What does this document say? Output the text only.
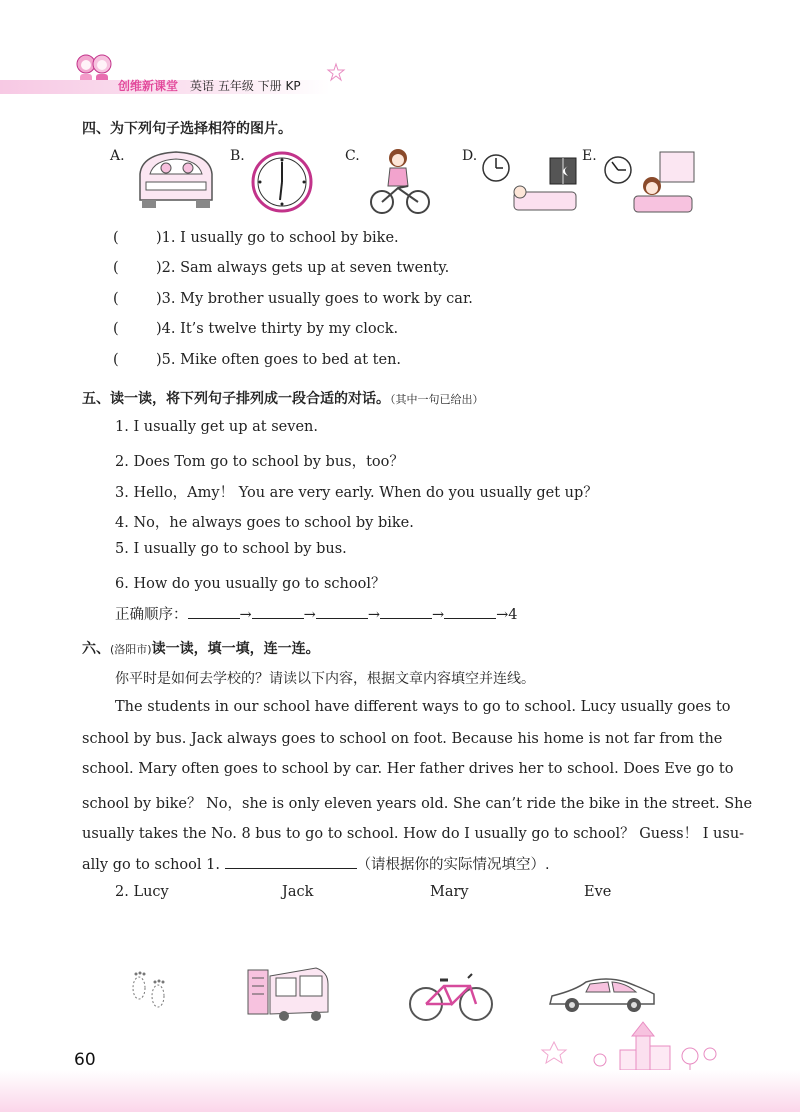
创维新课堂 英语 五年级 下册 KP
四、为下列句子选择相符的图片。
A.	B.	C.	D.	E.
(	)1. I usually go to school by bike.
(	)2. Sam always gets up at seven twenty.
(	)3. My brother usually goes to work by car.
(	)4. It’s twelve thirty by my clock.
(	)5. Mike often goes to bed at ten.
五、读一读，将下列句子排列成一段合适的对话。（其中一句已给出）
1. I usually get up at seven.
2. Does Tom go to school by bus，too？
3. Hello，Amy！ You are very early. When do you usually get up？
4. No，he always goes to school by bike.
5. I usually go to school by bus.
6. How do you usually go to school？
正确顺序：	→	→	→	→	→4
六、(洛阳市)读一读，填一填，连一连。
你平时是如何去学校的？请读以下内容，根据文章内容填空并连线。
The students in our school have different ways to go to school. Lucy usually goes to
school by bus. Jack always goes to school on foot. Because his home is not far from the
school. Mary often goes to school by car. Her father drives her to school. Does Eve go to
school by bike？ No，she is only eleven years old. She can’t ride the bike in the street. She
usually takes the No. 8 bus to go to school. How do I usually go to school？ Guess！ I usu-
ally go to school 1.	（请根据你的实际情况填空）.
2. Lucy	Jack	Mary	Eve
60
